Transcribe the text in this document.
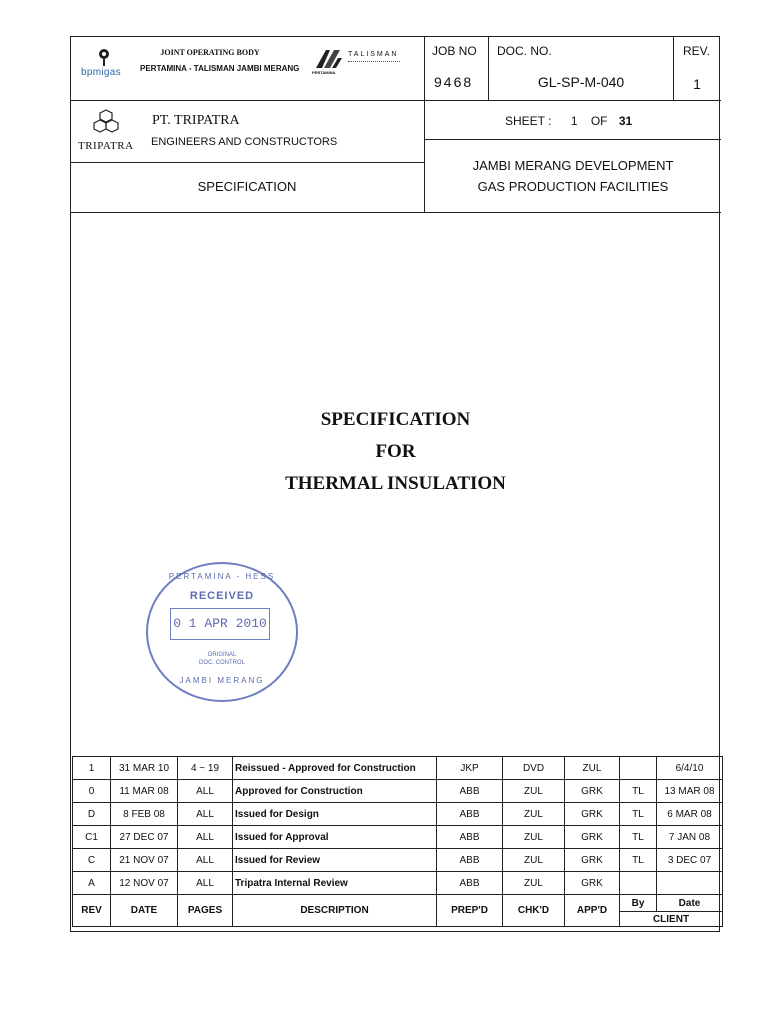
bpmigas
JOINT OPERATING BODY
PERTAMINA - TALISMAN JAMBI MERANG	PERTAMINA
TALISMAN	JOB NO
9468
DOC. NO.
GL-SP-M-040
REV.
1
TRIPATRA
PT. TRIPATRA
ENGINEERS AND CONSTRUCTORS
SHEET : 1 OF 31
JAMBI MERANG DEVELOPMENT
GAS PRODUCTION FACILITIES
SPECIFICATION
SPECIFICATION
FOR
THERMAL INSULATION
PERTAMINA - HESS
RECEIVED
0 1 APR 2010
ORIGINAL
DOC. CONTROL
JAMBI MERANG
1	31 MAR 10	4 ~ 19	Reissued - Approved for Construction	JKP	DVD	ZUL		6/4/10
0	11 MAR 08	ALL	Approved for Construction	ABB	ZUL	GRK	TL	13 MAR 08
D	8 FEB 08	ALL	Issued for Design	ABB	ZUL	GRK	TL	6 MAR 08
C1	27 DEC 07	ALL	Issued for Approval	ABB	ZUL	GRK	TL	7 JAN 08
C	21 NOV 07	ALL	Issued for Review	ABB	ZUL	GRK	TL	3 DEC 07
A	12 NOV 07	ALL	Tripatra Internal Review	ABB	ZUL	GRK		
REV	DATE	PAGES	DESCRIPTION	PREP'D	CHK'D	APP'D	By	Date
							CLIENT	
